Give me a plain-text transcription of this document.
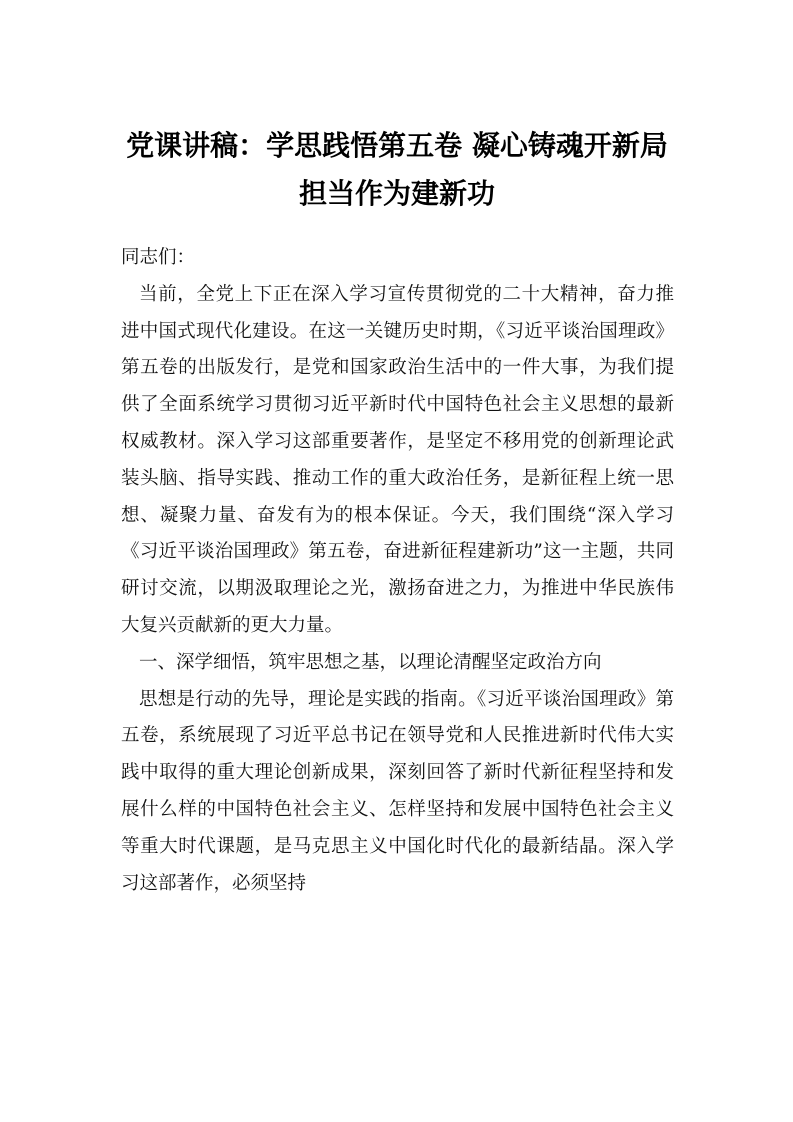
党课讲稿：学思践悟第五卷 凝心铸魂开新局 担当作为建新功

同志们：

当前，全党上下正在深入学习宣传贯彻党的二十大精神，奋力推进中国式现代化建设。在这一关键历史时期，《习近平谈治国理政》第五卷的出版发行，是党和国家政治生活中的一件大事，为我们提供了全面系统学习贯彻习近平新时代中国特色社会主义思想的最新权威教材。深入学习这部重要著作，是坚定不移用党的创新理论武装头脑、指导实践、推动工作的重大政治任务，是新征程上统一思想、凝聚力量、奋发有为的根本保证。今天，我们围绕“深入学习《习近平谈治国理政》第五卷，奋进新征程建新功”这一主题，共同研讨交流，以期汲取理论之光，激扬奋进之力，为推进中华民族伟大复兴贡献新的更大力量。

一、深学细悟，筑牢思想之基，以理论清醒坚定政治方向

思想是行动的先导，理论是实践的指南。《习近平谈治国理政》第五卷，系统展现了习近平总书记在领导党和人民推进新时代伟大实践中取得的重大理论创新成果，深刻回答了新时代新征程坚持和发展什么样的中国特色社会主义、怎样坚持和发展中国特色社会主义等重大时代课题，是马克思主义中国化时代化的最新结晶。深入学习这部著作，必须坚持
